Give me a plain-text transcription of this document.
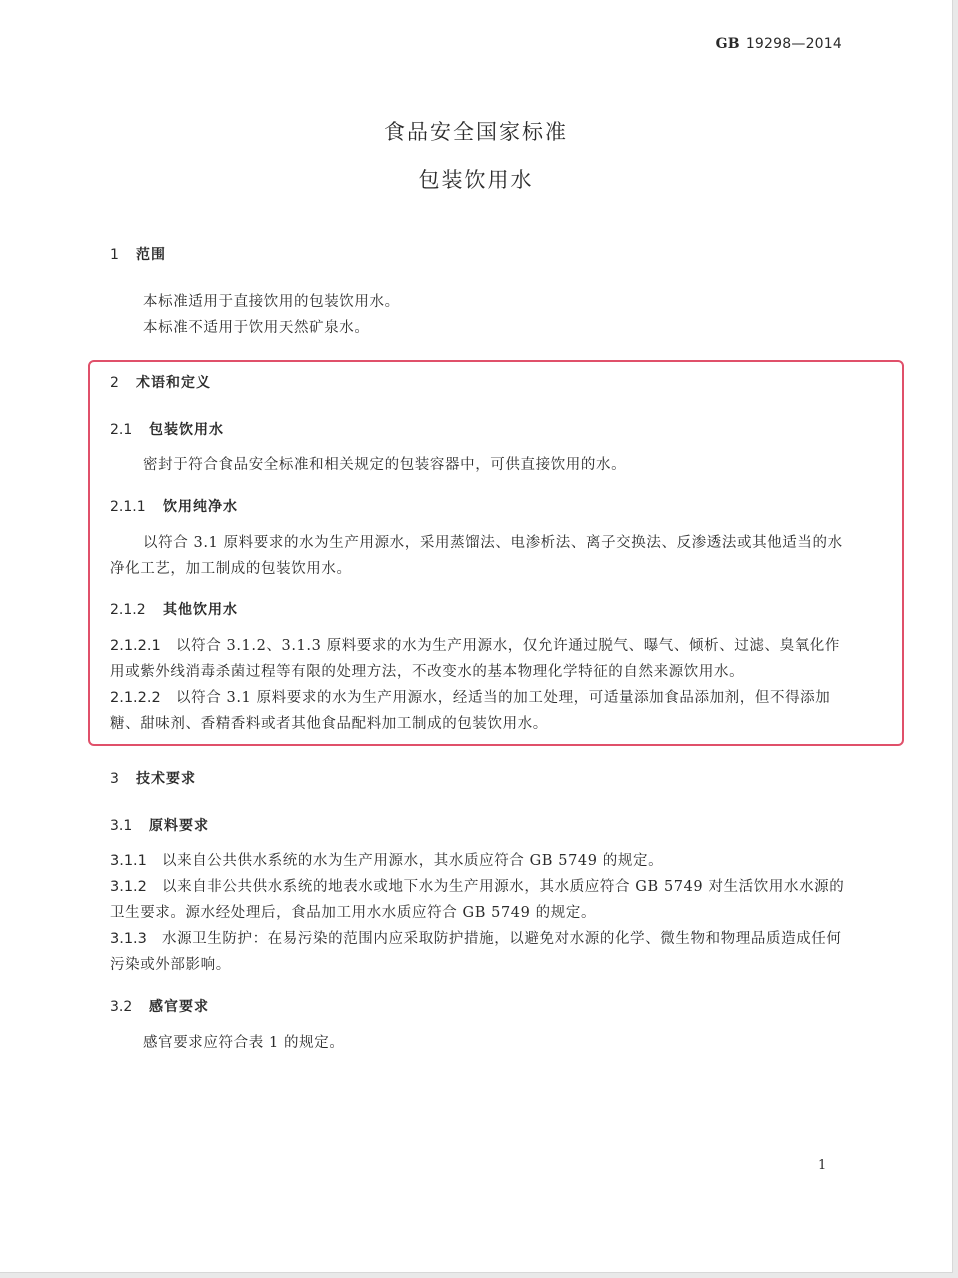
GB 19298—2014
食品安全国家标准
包装饮用水
1 范围
本标准适用于直接饮用的包装饮用水。
本标准不适用于饮用天然矿泉水。
2 术语和定义
2.1 包装饮用水
密封于符合食品安全标准和相关规定的包装容器中，可供直接饮用的水。
2.1.1 饮用纯净水
以符合 3.1 原料要求的水为生产用源水，采用蒸馏法、电渗析法、离子交换法、反渗透法或其他适当的水净化工艺，加工制成的包装饮用水。
2.1.2 其他饮用水
2.1.2.1 以符合 3.1.2、3.1.3 原料要求的水为生产用源水，仅允许通过脱气、曝气、倾析、过滤、臭氧化作用或紫外线消毒杀菌过程等有限的处理方法，不改变水的基本物理化学特征的自然来源饮用水。
2.1.2.2 以符合 3.1 原料要求的水为生产用源水，经适当的加工处理，可适量添加食品添加剂，但不得添加糖、甜味剂、香精香料或者其他食品配料加工制成的包装饮用水。
3 技术要求
3.1 原料要求
3.1.1 以来自公共供水系统的水为生产用源水，其水质应符合 GB 5749 的规定。
3.1.2 以来自非公共供水系统的地表水或地下水为生产用源水，其水质应符合 GB 5749 对生活饮用水水源的卫生要求。源水经处理后，食品加工用水水质应符合 GB 5749 的规定。
3.1.3 水源卫生防护：在易污染的范围内应采取防护措施，以避免对水源的化学、微生物和物理品质造成任何污染或外部影响。
3.2 感官要求
感官要求应符合表 1 的规定。
1
